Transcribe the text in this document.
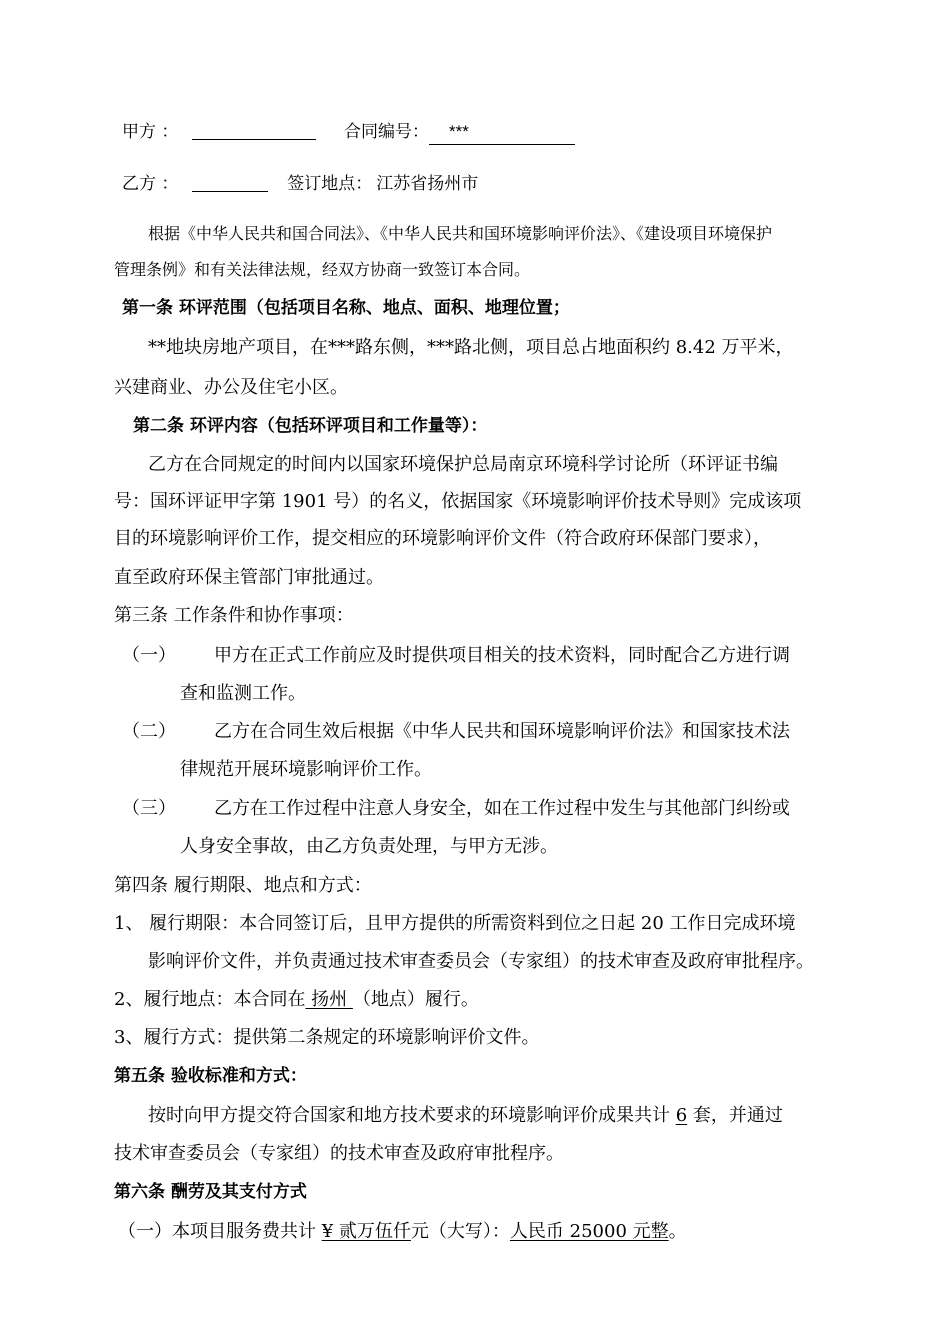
甲方 ：	合同编号： ***
乙方 ：	签订地点： 江苏省扬州市
根据《中华人民共和国合同法》、《中华人民共和国环境影响评价法》、《建设项目环境保护
管理条例》和有关法律法规，经双方协商一致签订本合同。
第一条 环评范围（包括项目名称、地点、面积、地理位置；
**地块房地产项目，在***路东侧，***路北侧，项目总占地面积约 8.42 万平米，
兴建商业、办公及住宅小区。
第二条 环评内容（包括环评项目和工作量等）：
乙方在合同规定的时间内以国家环境保护总局南京环境科学讨论所（环评证书编
号：国环评证甲字第 1901 号）的名义，依据国家《环境影响评价技术导则》完成该项
目的环境影响评价工作，提交相应的环境影响评价文件（符合政府环保部门要求），
直至政府环保主管部门审批通过。
第三条 工作条件和协作事项：
（一） 甲方在正式工作前应及时提供项目相关的技术资料，同时配合乙方进行调
查和监测工作。
（二） 乙方在合同生效后根据《中华人民共和国环境影响评价法》和国家技术法
律规范开展环境影响评价工作。
（三） 乙方在工作过程中注意人身安全，如在工作过程中发生与其他部门纠纷或
人身安全事故，由乙方负责处理，与甲方无涉。
第四条 履行期限、地点和方式：
1、 履行期限：本合同签订后，且甲方提供的所需资料到位之日起 20 工作日完成环境
影响评价文件，并负责通过技术审查委员会（专家组）的技术审查及政府审批程序。
2、履行地点：本合同在 扬州 （地点）履行。
3、履行方式：提供第二条规定的环境影响评价文件。
第五条 验收标准和方式：
按时向甲方提交符合国家和地方技术要求的环境影响评价成果共计 6 套，并通过
技术审查委员会（专家组）的技术审查及政府审批程序。
第六条 酬劳及其支付方式
（一）本项目服务费共计 ¥ 贰万伍仟元（大写）：人民币 25000 元整。
